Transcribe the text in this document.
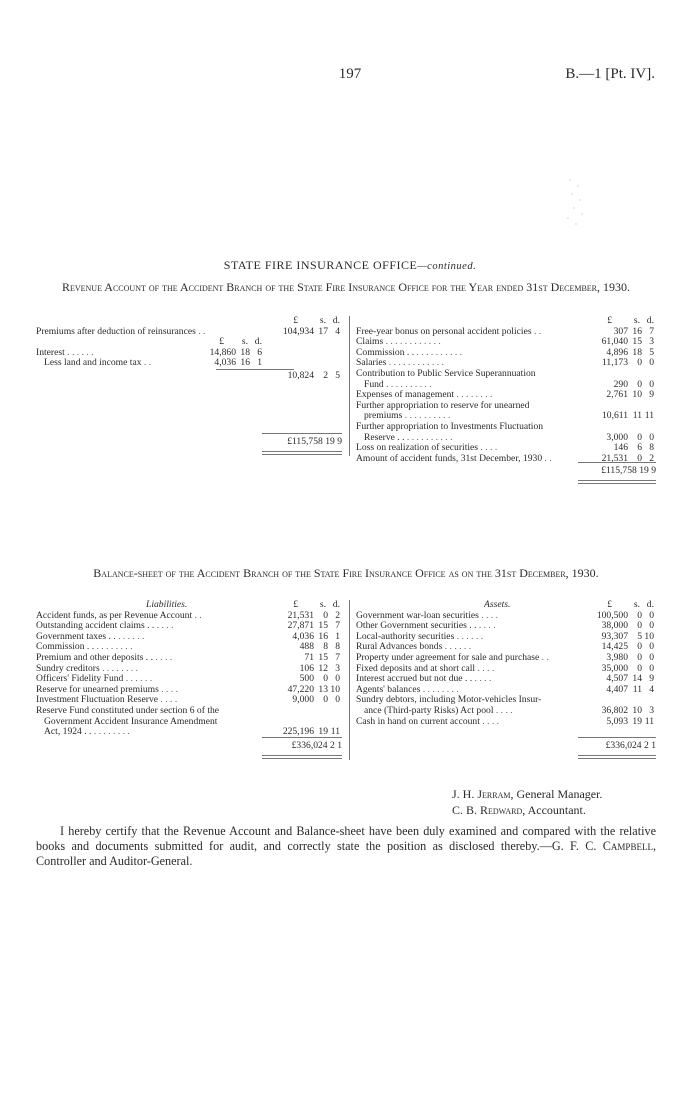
197	B.—1 [Pt. IV].
STATE FIRE INSURANCE OFFICE—continued.
Revenue Account of the Accident Branch of the State Fire Insurance Office for the Year ended 31st December, 1930.
£ s. d.
Premiums after deduction of reinsurances . .	104,934 17 4
£ s. d.
Interest . . . . . .	14,860 18 6
Less land and income tax . .	4,036 16 1
10,824 2 5
£115,758 19 9
£ s. d.
Free-year bonus on personal accident policies . .	307 16 7
Claims . . . . . . . . . . . .	61,040 15 3
Commission . . . . . . . . . . . .	4,896 18 5
Salaries . . . . . . . . . . . .	11,173 0 0
Contribution to Public Service Superannuation
Fund . . . . . . . . . .	290 0 0
Expenses of management . . . . . . . .	2,761 10 9
Further appropriation to reserve for unearned
premiums . . . . . . . . . .	10,611 11 11
Further appropriation to Investments Fluctuation
Reserve . . . . . . . . . . . .	3,000 0 0
Loss on realization of securities . . . .	146 6 8
Amount of accident funds, 31st December, 1930 . .	21,531 0 2
£115,758 19 9
Balance-sheet of the Accident Branch of the State Fire Insurance Office as on the 31st December, 1930.
Liabilities.	£ s. d.
Accident funds, as per Revenue Account . .	21,531 0 2
Outstanding accident claims . . . . . .	27,871 15 7
Government taxes . . . . . . . .	4,036 16 1
Commission . . . . . . . . . .	488 8 8
Premium and other deposits . . . . . .	71 15 7
Sundry creditors . . . . . . . .	106 12 3
Officers' Fidelity Fund . . . . . .	500 0 0
Reserve for unearned premiums . . . .	47,220 13 10
Investment Fluctuation Reserve . . . .	9,000 0 0
Reserve Fund constituted under section 6 of the
Government Accident Insurance Amendment
Act, 1924 . . . . . . . . . .	225,196 19 11
£336,024 2 1
Assets.	£ s. d.
Government war-loan securities . . . .	100,500 0 0
Other Government securities . . . . . .	38,000 0 0
Local-authority securities . . . . . .	93,307 5 10
Rural Advances bonds . . . . . .	14,425 0 0
Property under agreement for sale and purchase . .	3,980 0 0
Fixed deposits and at short call . . . .	35,000 0 0
Interest accrued but not due . . . . . .	4,507 14 9
Agents' balances . . . . . . . .	4,407 11 4
Sundry debtors, including Motor-vehicles Insur-
ance (Third-party Risks) Act pool . . . .	36,802 10 3
Cash in hand on current account . . . .	5,093 19 11
£336,024 2 1
J. H. Jerram, General Manager.
C. B. Redward, Accountant.
I hereby certify that the Revenue Account and Balance-sheet have been duly examined and compared with the relative books and documents submitted for audit, and correctly state the position as disclosed thereby.—G. F. C. Campbell, Controller and Auditor-General.
